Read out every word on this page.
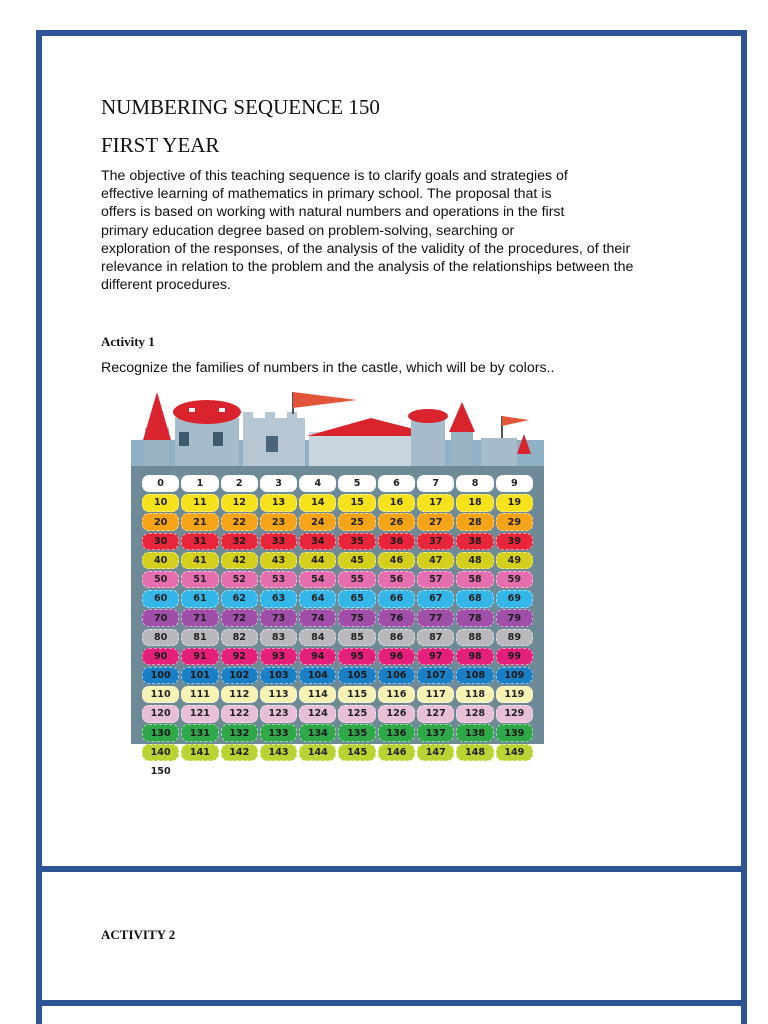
NUMBERING SEQUENCE 150
FIRST YEAR

The objective of this teaching sequence is to clarify goals and strategies of
effective learning of mathematics in primary school. The proposal that is
offers is based on working with natural numbers and operations in the first
primary education degree based on problem-solving, searching or
exploration of the responses, of the analysis of the validity of the procedures, of their
relevance in relation to the problem and the analysis of the relationships between the
different procedures.

Activity 1

Recognize the families of numbers in the castle, which will be by colors..

0	1	2	3	4	5	6	7	8	9
10	11	12	13	14	15	16	17	18	19
20	21	22	23	24	25	26	27	28	29
30	31	32	33	34	35	36	37	38	39
40	41	42	43	44	45	46	47	48	49
50	51	52	53	54	55	56	57	58	59
60	61	62	63	64	65	66	67	68	69
70	71	72	73	74	75	76	77	78	79
80	81	82	83	84	85	86	87	88	89
90	91	92	93	94	95	96	97	98	99
100	101	102	103	104	105	106	107	108	109
110	111	112	113	114	115	116	117	118	119
120	121	122	123	124	125	126	127	128	129
130	131	132	133	134	135	136	137	138	139
140	141	142	143	144	145	146	147	148	149
150

ACTIVITY 2
